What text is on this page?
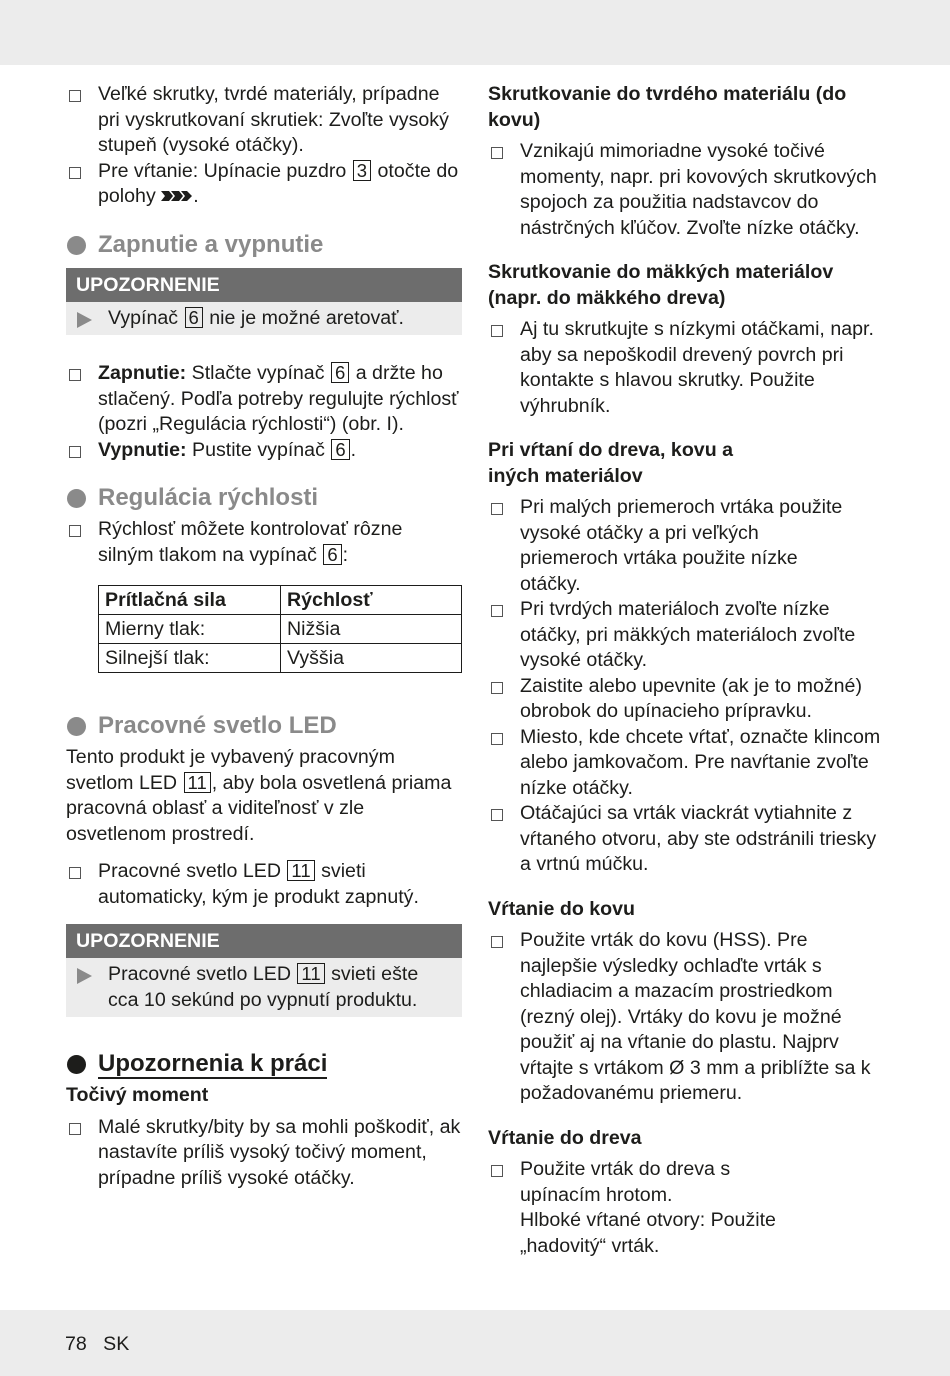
Veľké skrutky, tvrdé materiály, prípadne pri vyskrutkovaní skrutiek: Zvoľte vysoký stupeň (vysoké otáčky).
Pre vŕtanie: Upínacie puzdro 3 otočte do polohy .
Zapnutie a vypnutie
UPOZORNENIE
Vypínač 6 nie je možné aretovať.
Zapnutie: Stlačte vypínač 6 a držte ho stlačený. Podľa potreby regulujte rýchlosť (pozri „Regulácia rýchlosti“) (obr. I).
Vypnutie: Pustite vypínač 6 .
Regulácia rýchlosti
Rýchlosť môžete kontrolovať rôzne silným tlakom na vypínač 6 :
Prítlačná sila	Rýchlosť
Mierny tlak:	Nižšia
Silnejší tlak:	Vyššia
Pracovné svetlo LED
Tento produkt je vybavený pracovným svetlom LED 11 , aby bola osvetlená priama pracovná oblasť a viditeľnosť v zle osvetlenom prostredí.
Pracovné svetlo LED 11 svieti automaticky, kým je produkt zapnutý.
UPOZORNENIE
Pracovné svetlo LED 11 svieti ešte cca 10 sekúnd po vypnutí produktu.
Upozornenia k práci
Točivý moment
Malé skrutky/bity by sa mohli poškodiť, ak nastavíte príliš vysoký točivý moment, prípadne príliš vysoké otáčky.
Skrutkovanie do tvrdého materiálu (do kovu)
Vznikajú mimoriadne vysoké točivé momenty, napr. pri kovových skrutkových spojoch za použitia nadstavcov do nástrčných kľúčov. Zvoľte nízke otáčky.
Skrutkovanie do mäkkých materiálov (napr. do mäkkého dreva)
Aj tu skrutkujte s nízkymi otáčkami, napr. aby sa nepoškodil drevený povrch pri kontakte s hlavou skrutky. Použite výhrubník.
Pri vŕtaní do dreva, kovu a iných materiálov
Pri malých priemeroch vrtáka použite vysoké otáčky a pri veľkých priemeroch vrtáka použite nízke otáčky.
Pri tvrdých materiáloch zvoľte nízke otáčky, pri mäkkých materiáloch zvoľte vysoké otáčky.
Zaistite alebo upevnite (ak je to možné) obrobok do upínacieho prípravku.
Miesto, kde chcete vŕtať, označte klincom alebo jamkovačom. Pre navŕtanie zvoľte nízke otáčky.
Otáčajúci sa vrták viackrát vytiahnite z vŕtaného otvoru, aby ste odstránili triesky a vrtnú múčku.
Vŕtanie do kovu
Použite vrták do kovu (HSS). Pre najlepšie výsledky ochlaďte vrták s chladiacim a mazacím prostriedkom (rezný olej). Vrtáky do kovu je možné použiť aj na vŕtanie do plastu. Najprv vŕtajte s vrtákom Ø 3 mm a priblížte sa k požadovanému priemeru.
Vŕtanie do dreva
Použite vrták do dreva s upínacím hrotom.
Hlboké vŕtané otvory: Použite „hadovitý“ vrták.
78 SK
